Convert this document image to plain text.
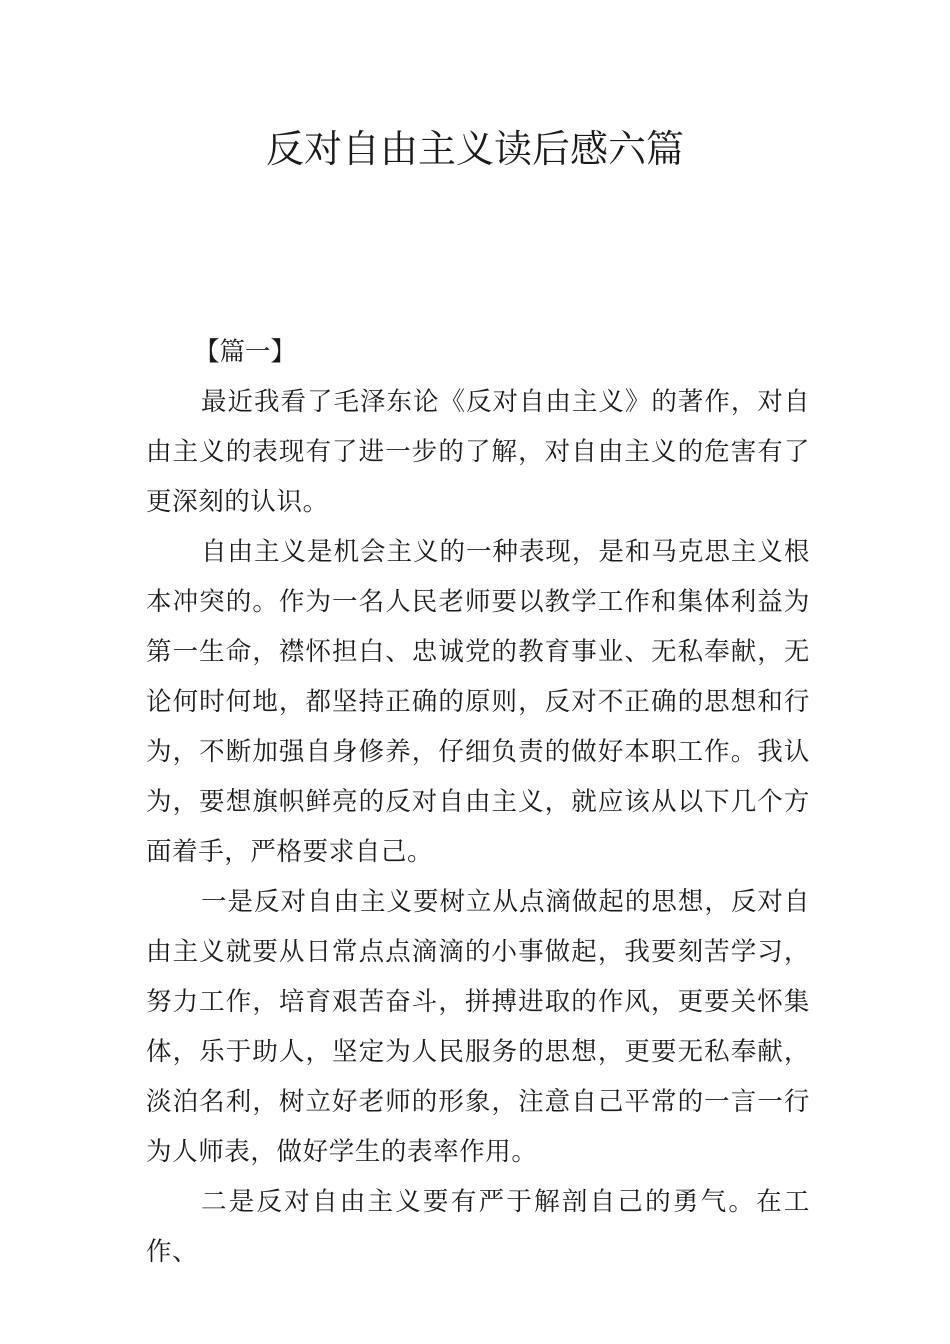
反对自由主义读后感六篇

【篇一】

最近我看了毛泽东论《反对自由主义》的著作，对自由主义的表现有了进一步的了解，对自由主义的危害有了更深刻的认识。

自由主义是机会主义的一种表现，是和马克思主义根本冲突的。作为一名人民老师要以教学工作和集体利益为第一生命，襟怀担白、忠诚党的教育事业、无私奉献，无论何时何地，都坚持正确的原则，反对不正确的思想和行为，不断加强自身修养，仔细负责的做好本职工作。我认为，要想旗帜鲜亮的反对自由主义，就应该从以下几个方面着手，严格要求自己。

一是反对自由主义要树立从点滴做起的思想，反对自由主义就要从日常点点滴滴的小事做起，我要刻苦学习，努力工作，培育艰苦奋斗，拼搏进取的作风，更要关怀集体，乐于助人，坚定为人民服务的思想，更要无私奉献，淡泊名利，树立好老师的形象，注意自己平常的一言一行为人师表，做好学生的表率作用。

二是反对自由主义要有严于解剖自己的勇气。在工作、
